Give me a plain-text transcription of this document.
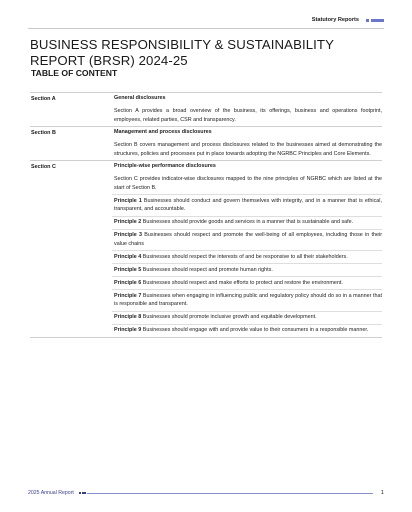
Statutory Reports
BUSINESS RESPONSIBILITY & SUSTAINABILITY REPORT (BRSR) 2024-25
TABLE OF CONTENT
Section A	General disclosures
Section A provides a broad overview of the business, its offerings, business and operations footprint, employees, related parties, CSR and transparency.
Section B	Management and process disclosures
Section B covers management and process disclosures related to the businesses aimed at demonstrating the structures, policies and processes put in place towards adopting the NGRBC Principles and Core Elements.
Section C	Principle-wise performance disclosures
Section C provides indicator-wise disclosures mapped to the nine principles of NGRBC which are listed at the start of Section B.
Principle 1 Businesses should conduct and govern themselves with integrity, and in a manner that is ethical, transparent, and accountable.
Principle 2 Businesses should provide goods and services in a manner that is sustainable and safe.
Principle 3 Businesses should respect and promote the well-being of all employees, including those in their value chains
Principle 4 Businesses should respect the interests of and be responsive to all their stakeholders.
Principle 5 Businesses should respect and promote human rights.
Principle 6 Businesses should respect and make efforts to protect and restore the environment.
Principle 7 Businesses when engaging in influencing public and regulatory policy should do so in a manner that is responsible and transparent.
Principle 8 Businesses should promote inclusive growth and equitable development.
Principle 9 Businesses should engage with and provide value to their consumers in a responsible manner.
2025 Annual Report	1
